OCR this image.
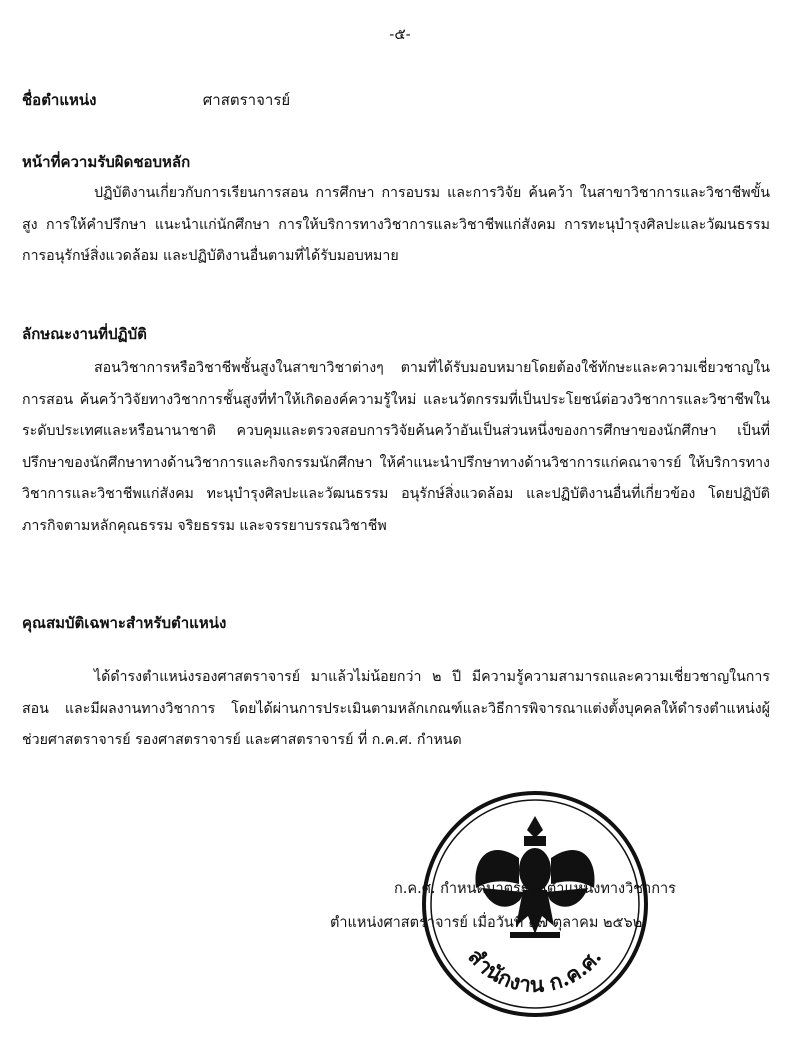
-๕-
ชื่อตำแหน่ง	ศาสตราจารย์
หน้าที่ความรับผิดชอบหลัก

ปฏิบัติงานเกี่ยวกับการเรียนการสอน การศึกษา การอบรม และการวิจัย ค้นคว้า ในสาขาวิชาการและวิชาชีพขั้นสูง การให้คำปรึกษา แนะนำแก่นักศึกษา การให้บริการทางวิชาการและวิชาชีพแก่สังคม การทะนุบำรุงศิลปะและวัฒนธรรม การอนุรักษ์สิ่งแวดล้อม และปฏิบัติงานอื่นตามที่ได้รับมอบหมาย

ลักษณะงานที่ปฏิบัติ

สอนวิชาการหรือวิชาชีพชั้นสูงในสาขาวิชาต่างๆ ตามที่ได้รับมอบหมายโดยต้องใช้ทักษะและความเชี่ยวชาญในการสอน ค้นคว้าวิจัยทางวิชาการชั้นสูงที่ทำให้เกิดองค์ความรู้ใหม่ และนวัตกรรมที่เป็นประโยชน์ต่อวงวิชาการและวิชาชีพในระดับประเทศและหรือนานาชาติ ควบคุมและตรวจสอบการวิจัยค้นคว้าอันเป็นส่วนหนึ่งของการศึกษาของนักศึกษา เป็นที่ปรึกษาของนักศึกษาทางด้านวิชาการและกิจกรรมนักศึกษา ให้คำแนะนำปรึกษาทางด้านวิชาการแก่คณาจารย์ ให้บริการทางวิชาการและวิชาชีพแก่สังคม ทะนุบำรุงศิลปะและวัฒนธรรม อนุรักษ์สิ่งแวดล้อม และปฏิบัติงานอื่นที่เกี่ยวข้อง โดยปฏิบัติภารกิจตามหลักคุณธรรม จริยธรรม และจรรยาบรรณวิชาชีพ

คุณสมบัติเฉพาะสำหรับตำแหน่ง

ได้ดำรงตำแหน่งรองศาสตราจารย์ มาแล้วไม่น้อยกว่า ๒ ปี มีความรู้ความสามารถและความเชี่ยวชาญในการสอน และมีผลงานทางวิชาการ โดยได้ผ่านการประเมินตามหลักเกณฑ์และวิธีการพิจารณาแต่งตั้งบุคคลให้ดำรงตำแหน่งผู้ช่วยศาสตราจารย์ รองศาสตราจารย์ และศาสตราจารย์ ที่ ก.ค.ศ. กำหนด

สำนักงาน ก.ค.ศ.
ก.ค.ศ. กำหนดมาตรฐานตำแหน่งทางวิชาการ
ตำแหน่งศาสตราจารย์ เมื่อวันที่ ๑๗ ตุลาคม ๒๕๖๒
